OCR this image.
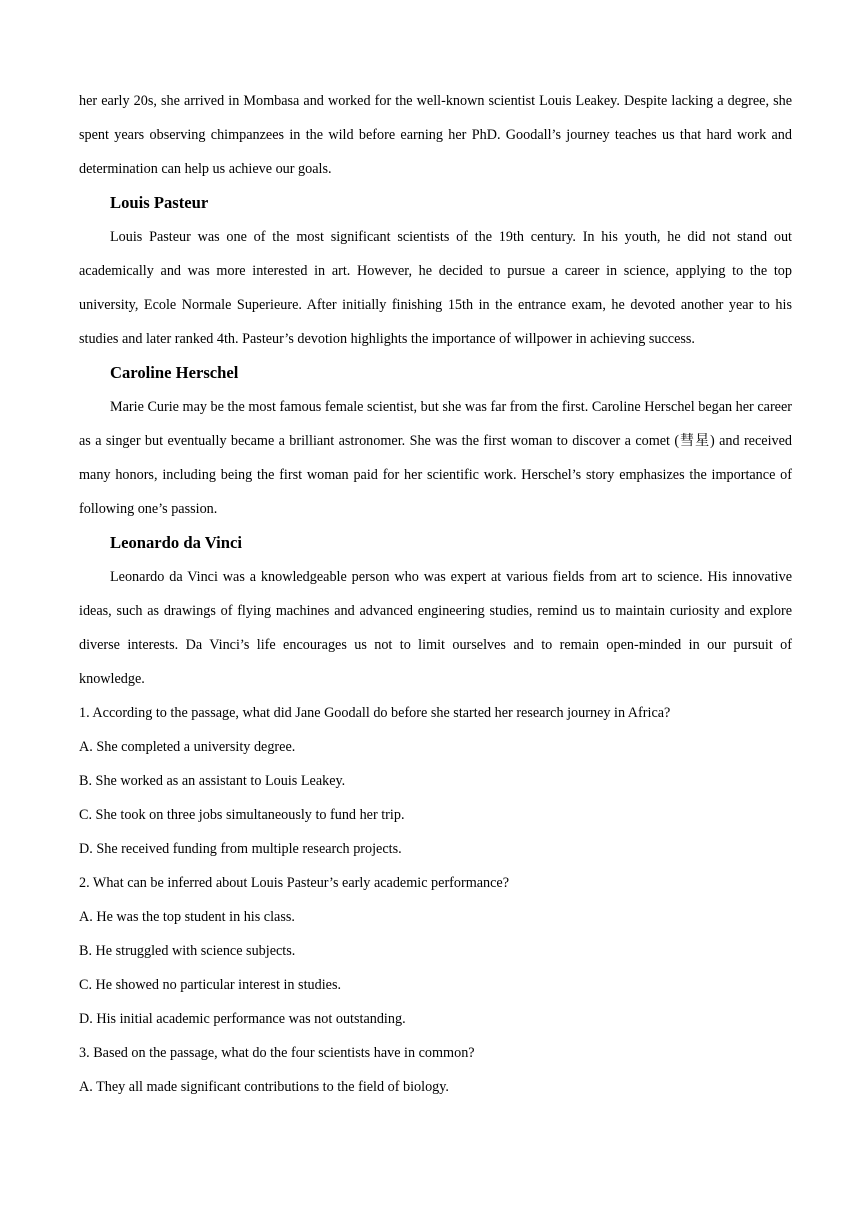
her early 20s, she arrived in Mombasa and worked for the well-known scientist Louis Leakey. Despite lacking a degree, she spent years observing chimpanzees in the wild before earning her PhD. Goodall’s journey teaches us that hard work and determination can help us achieve our goals.

Louis Pasteur

Louis Pasteur was one of the most significant scientists of the 19th century. In his youth, he did not stand out academically and was more interested in art. However, he decided to pursue a career in science, applying to the top university, Ecole Normale Superieure. After initially finishing 15th in the entrance exam, he devoted another year to his studies and later ranked 4th. Pasteur’s devotion highlights the importance of willpower in achieving success.

Caroline Herschel

Marie Curie may be the most famous female scientist, but she was far from the first. Caroline Herschel began her career as a singer but eventually became a brilliant astronomer. She was the first woman to discover a comet (彗星) and received many honors, including being the first woman paid for her scientific work. Herschel’s story emphasizes the importance of following one’s passion.

Leonardo da Vinci

Leonardo da Vinci was a knowledgeable person who was expert at various fields from art to science. His innovative ideas, such as drawings of flying machines and advanced engineering studies, remind us to maintain curiosity and explore diverse interests. Da Vinci’s life encourages us not to limit ourselves and to remain open-minded in our pursuit of knowledge.

1. According to the passage, what did Jane Goodall do before she started her research journey in Africa?

A. She completed a university degree.

B. She worked as an assistant to Louis Leakey.

C. She took on three jobs simultaneously to fund her trip.

D. She received funding from multiple research projects.

2. What can be inferred about Louis Pasteur’s early academic performance?

A. He was the top student in his class.

B. He struggled with science subjects.

C. He showed no particular interest in studies.

D. His initial academic performance was not outstanding.

3. Based on the passage, what do the four scientists have in common?

A. They all made significant contributions to the field of biology.
